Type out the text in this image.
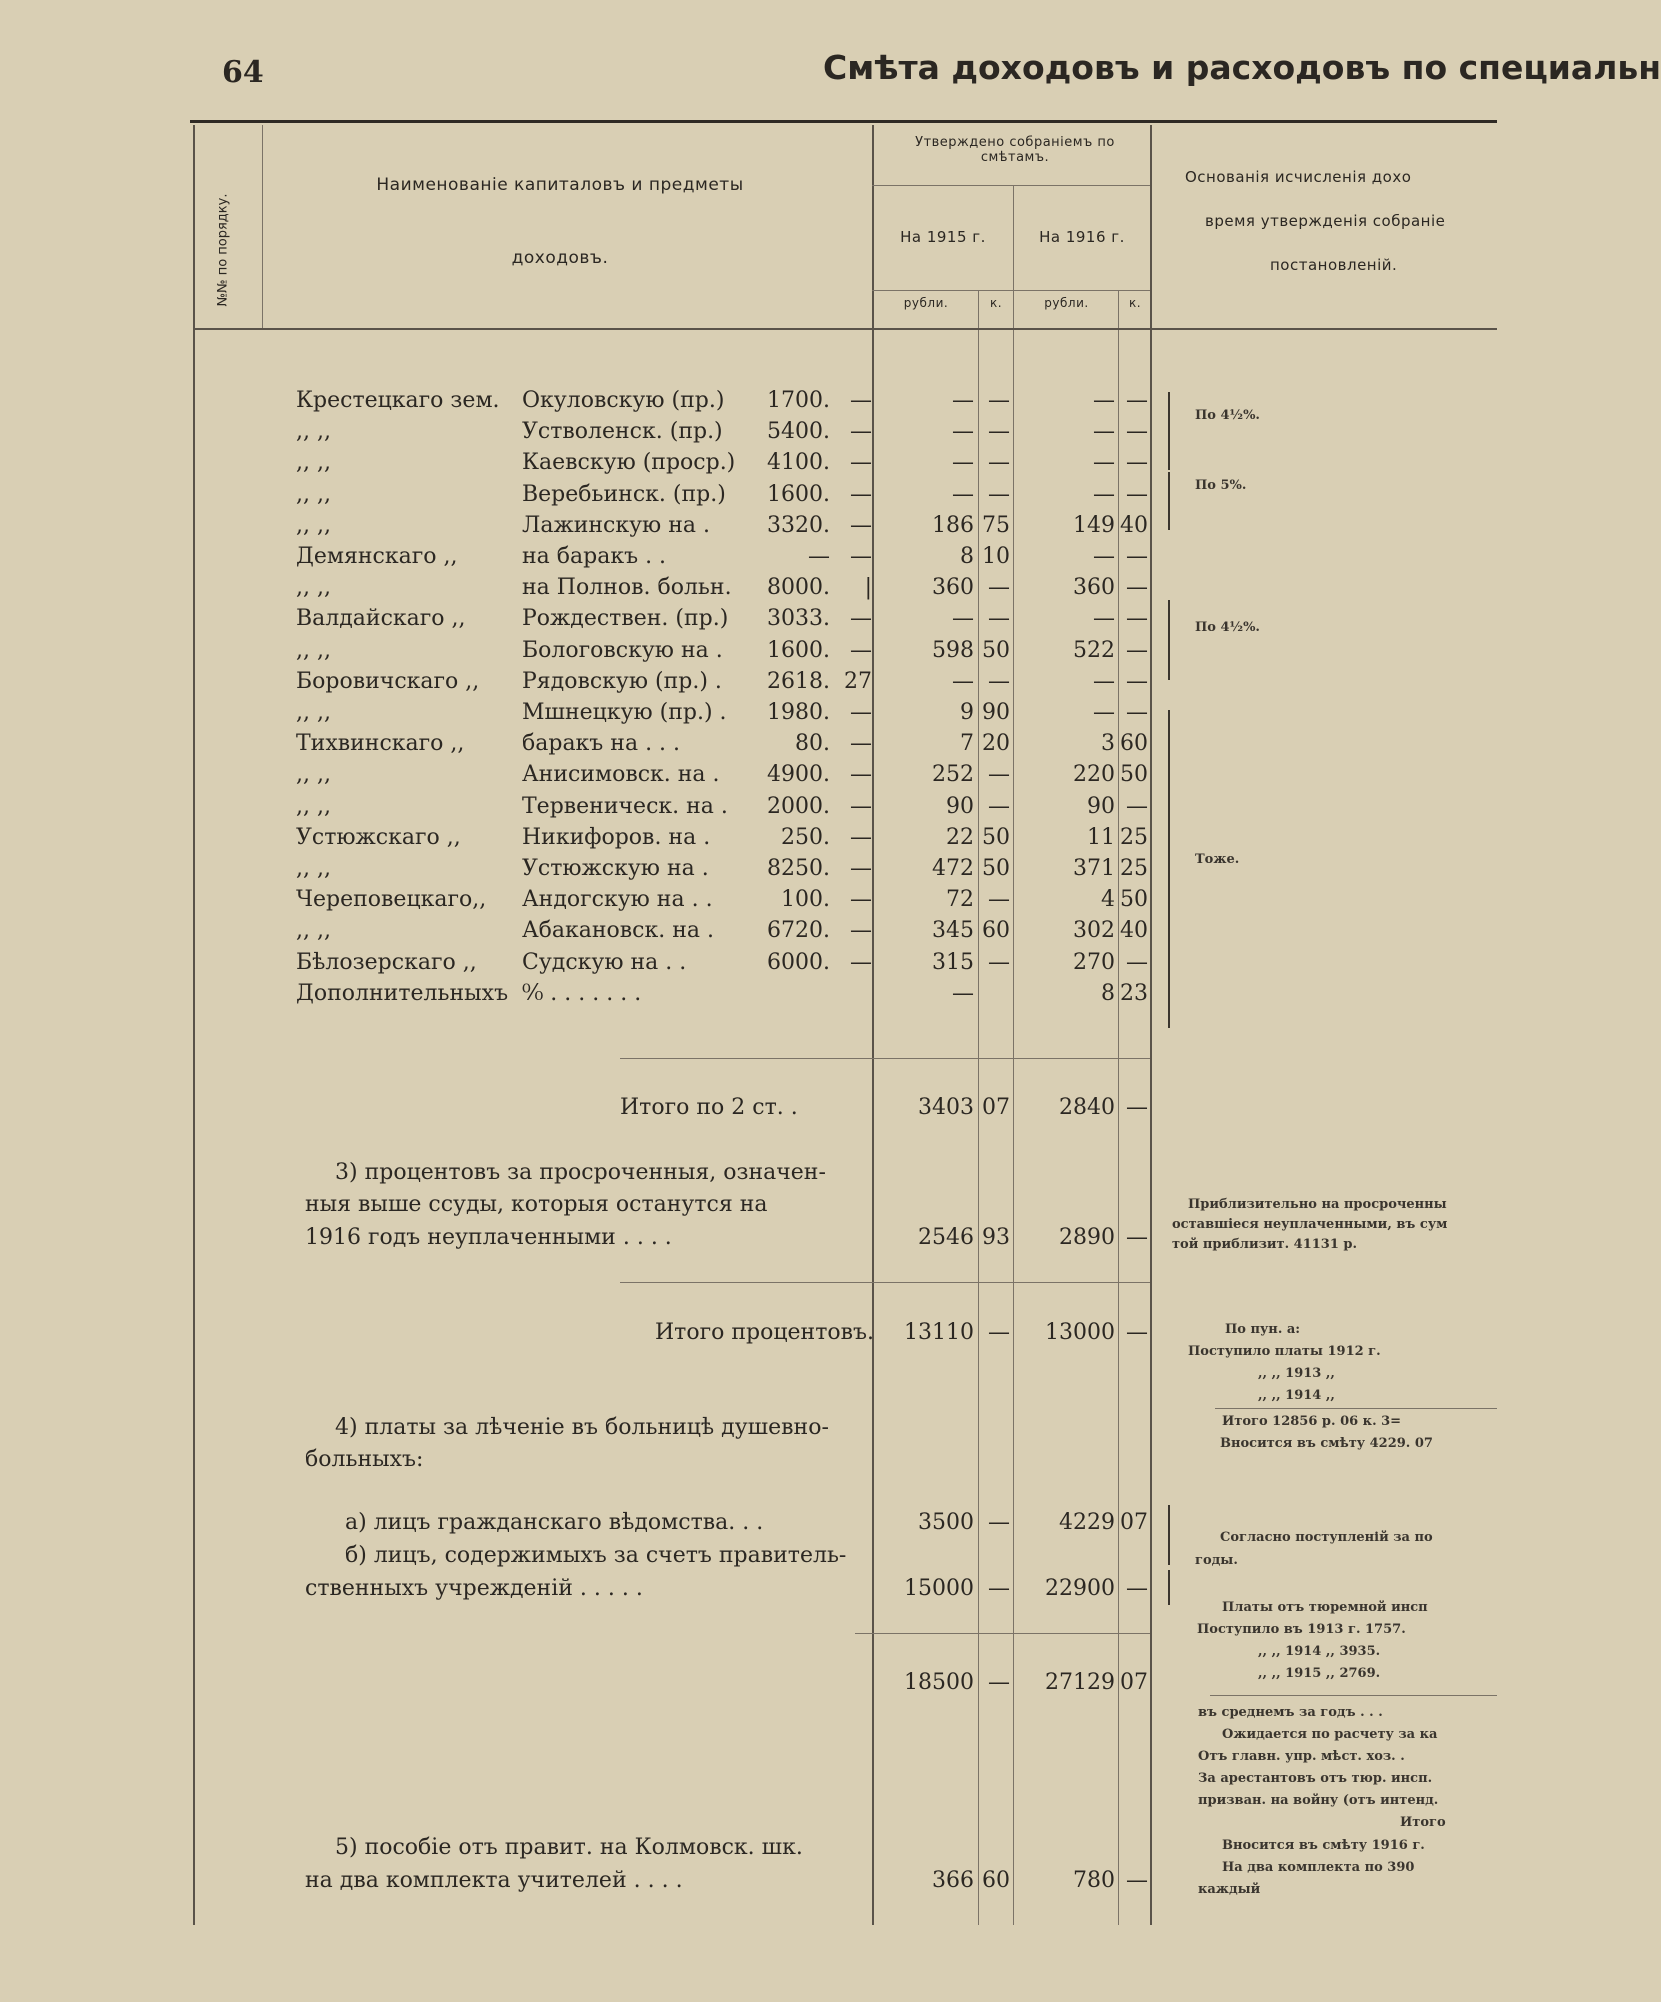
64	Смѣта доходовъ и расходовъ по специальн
№№ по порядку.
Наименованіе капиталовъ и предметы
доходовъ.
Утверждено собраніемъ по смѣтамъ.
На 1915 г.	На 1916 г.
рубли.	к.	рубли.	к.
Основанія исчисленія дохо
время утвержденія собраніе
постановленій.
Крестецкаго зем. Окуловскую (пр.)	1700. —	— —	— —
,, ,,	Устволенск. (пр.)	5400. —	— —	— —
,, ,,	Каевскую (проср.)	4100. —	— —	— —
,, ,,	Веребьинск. (пр.)	1600. —	— —	— —
,, ,,	Лажинскую на .	3320. —	186 75	149 40
Демянскаго ,,	на баракъ . .	— —	8 10	— —
,, ,,	на Полнов. больн.	8000.	|	360 —	360 —
Валдайскаго ,,	Рождествен. (пр.)	3033. —	— —	— —
,, ,,	Бологовскую на .	1600. —	598 50	522 —
Боровичскаго ,,	Рядовскую (пр.) .	2618. 27	— —	— —
,, ,,	Мшнецкую (пр.) .	1980. —	9 90	— —
Тихвинскаго ,,	баракъ на . . .	80. —	7 20	3 60
,, ,,	Анисимовск. на .	4900. —	252 —	220 50
,, ,,	Тервеническ. на .	2000. —	90 —	90 —
Устюжскаго ,,	Никифоров. на .	250. —	22 50	11 25
,, ,,	Устюжскую на .	8250. —	472 50	371 25
Череповецкаго,,	Андогскую на . .	100. —	72 —	4 50
,, ,,	Абакановск. на .	6720. —	345 60	302 40
Бѣлозерскаго ,,	Судскую на . .	6000. —	315 —	270 —
Дополнительныхъ ⁰⁄₀ . . . . . . .	—	8 23
По 4½%.
По 5%.
По 4½%.
Тоже.
Итого по 2 ст. .	3403 07	2840 —
3) процентовъ за просроченныя, означен-
ныя выше ссуды, которыя останутся на
1916 годъ неуплаченными . . . .	2546 93	2890 —
Приблизительно на просроченны
оставшiеся неуплаченными, въ сум
той приблизит. 41131 р.
Итого процентовъ.	13110 —	13000 —	По пун. а:
Поступило платы 1912 г.
,, ,, 1913 ,,
,, ,, 1914 ,,
Итого 12856 р. 06 к. 3=
Вносится въ смѣту 4229. 07
4) платы за лѣченіе въ больницѣ душевно-
больныхъ:
а) лицъ гражданскаго вѣдомства. . .	3500 —	4229 07
б) лицъ, содержимыхъ за счетъ правитель-
ственныхъ учрежденій . . . . .	15000 —	22900 —
18500 —	27129 07
Согласно поступленій за по
годы.
Платы отъ тюремной инсп
Поступило въ 1913 г. 1757.
,, ,, 1914 ,, 3935.
,, ,, 1915 ,, 2769.
въ среднемъ за годъ . . .
Ожидается по расчету за ка
Отъ главн. упр. мѣст. хоз. .
За арестантовъ отъ тюр. инсп.
призван. на войну (отъ интенд.
Итого
Вносится въ смѣту 1916 г.
На два комплекта по 390
каждый
5) пособіе отъ правит. на Колмовск. шк.
на два комплекта учителей . . . .	366 60	780 —
